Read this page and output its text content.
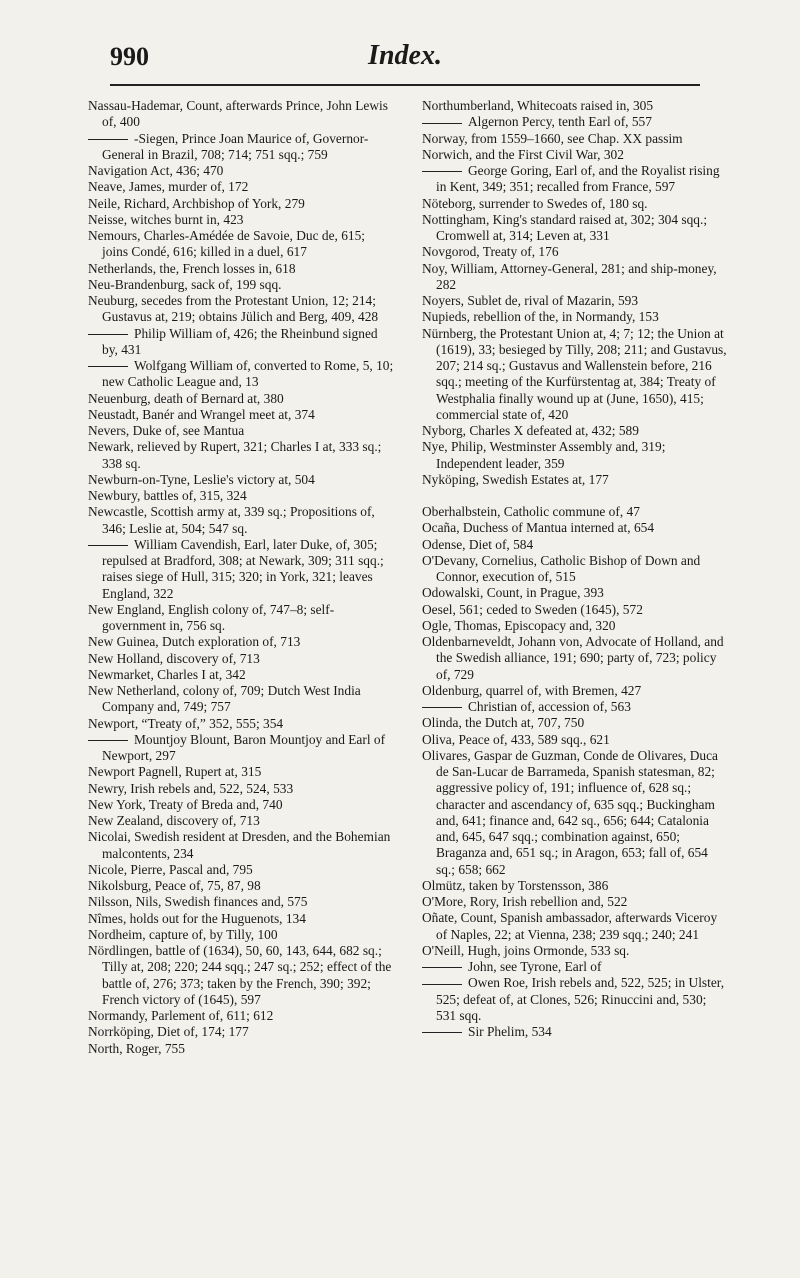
990	Index.

Nassau-Hademar, Count, afterwards Prince, John Lewis of, 400

-Siegen, Prince Joan Maurice of, Governor-General in Brazil, 708; 714; 751 sqq.; 759

Navigation Act, 436; 470

Neave, James, murder of, 172

Neile, Richard, Archbishop of York, 279

Neisse, witches burnt in, 423

Nemours, Charles-Amédée de Savoie, Duc de, 615; joins Condé, 616; killed in a duel, 617

Netherlands, the, French losses in, 618

Neu-Brandenburg, sack of, 199 sqq.

Neuburg, secedes from the Protestant Union, 12; 214; Gustavus at, 219; obtains Jülich and Berg, 409, 428

Philip William of, 426; the Rheinbund signed by, 431

Wolfgang William of, converted to Rome, 5, 10; new Catholic League and, 13

Neuenburg, death of Bernard at, 380

Neustadt, Banér and Wrangel meet at, 374

Nevers, Duke of, see Mantua

Newark, relieved by Rupert, 321; Charles I at, 333 sq.; 338 sq.

Newburn-on-Tyne, Leslie's victory at, 504

Newbury, battles of, 315, 324

Newcastle, Scottish army at, 339 sq.; Propositions of, 346; Leslie at, 504; 547 sq.

William Cavendish, Earl, later Duke, of, 305; repulsed at Bradford, 308; at Newark, 309; 311 sqq.; raises siege of Hull, 315; 320; in York, 321; leaves England, 322

New England, English colony of, 747–8; self-government in, 756 sq.

New Guinea, Dutch exploration of, 713

New Holland, discovery of, 713

Newmarket, Charles I at, 342

New Netherland, colony of, 709; Dutch West India Company and, 749; 757

Newport, “Treaty of,” 352, 555; 354

Mountjoy Blount, Baron Mountjoy and Earl of Newport, 297

Newport Pagnell, Rupert at, 315

Newry, Irish rebels and, 522, 524, 533

New York, Treaty of Breda and, 740

New Zealand, discovery of, 713

Nicolai, Swedish resident at Dresden, and the Bohemian malcontents, 234

Nicole, Pierre, Pascal and, 795

Nikolsburg, Peace of, 75, 87, 98

Nilsson, Nils, Swedish finances and, 575

Nîmes, holds out for the Huguenots, 134

Nordheim, capture of, by Tilly, 100

Nördlingen, battle of (1634), 50, 60, 143, 644, 682 sq.; Tilly at, 208; 220; 244 sqq.; 247 sq.; 252; effect of the battle of, 276; 373; taken by the French, 390; 392; French victory of (1645), 597

Normandy, Parlement of, 611; 612

Norrköping, Diet of, 174; 177

North, Roger, 755

Northumberland, Whitecoats raised in, 305

Algernon Percy, tenth Earl of, 557

Norway, from 1559–1660, see Chap. XX passim

Norwich, and the First Civil War, 302

George Goring, Earl of, and the Royalist rising in Kent, 349; 351; recalled from France, 597

Nöteborg, surrender to Swedes of, 180 sq.

Nottingham, King's standard raised at, 302; 304 sqq.; Cromwell at, 314; Leven at, 331

Novgorod, Treaty of, 176

Noy, William, Attorney-General, 281; and ship-money, 282

Noyers, Sublet de, rival of Mazarin, 593

Nupieds, rebellion of the, in Normandy, 153

Nürnberg, the Protestant Union at, 4; 7; 12; the Union at (1619), 33; besieged by Tilly, 208; 211; and Gustavus, 207; 214 sq.; Gustavus and Wallenstein before, 216 sqq.; meeting of the Kurfürstentag at, 384; Treaty of Westphalia finally wound up at (June, 1650), 415; commercial state of, 420

Nyborg, Charles X defeated at, 432; 589

Nye, Philip, Westminster Assembly and, 319; Independent leader, 359

Nyköping, Swedish Estates at, 177

Oberhalbstein, Catholic commune of, 47

Ocaña, Duchess of Mantua interned at, 654

Odense, Diet of, 584

O'Devany, Cornelius, Catholic Bishop of Down and Connor, execution of, 515

Odowalski, Count, in Prague, 393

Oesel, 561; ceded to Sweden (1645), 572

Ogle, Thomas, Episcopacy and, 320

Oldenbarneveldt, Johann von, Advocate of Holland, and the Swedish alliance, 191; 690; party of, 723; policy of, 729

Oldenburg, quarrel of, with Bremen, 427

Christian of, accession of, 563

Olinda, the Dutch at, 707, 750

Oliva, Peace of, 433, 589 sqq., 621

Olivares, Gaspar de Guzman, Conde de Olivares, Duca de San-Lucar de Barrameda, Spanish statesman, 82; aggressive policy of, 191; influence of, 628 sq.; character and ascendancy of, 635 sqq.; Buckingham and, 641; finance and, 642 sq., 656; 644; Catalonia and, 645, 647 sqq.; combination against, 650; Braganza and, 651 sq.; in Aragon, 653; fall of, 654 sq.; 658; 662

Olmütz, taken by Torstensson, 386

O'More, Rory, Irish rebellion and, 522

Oñate, Count, Spanish ambassador, afterwards Viceroy of Naples, 22; at Vienna, 238; 239 sqq.; 240; 241

O'Neill, Hugh, joins Ormonde, 533 sq.

John, see Tyrone, Earl of

Owen Roe, Irish rebels and, 522, 525; in Ulster, 525; defeat of, at Clones, 526; Rinuccini and, 530; 531 sqq.

Sir Phelim, 534
